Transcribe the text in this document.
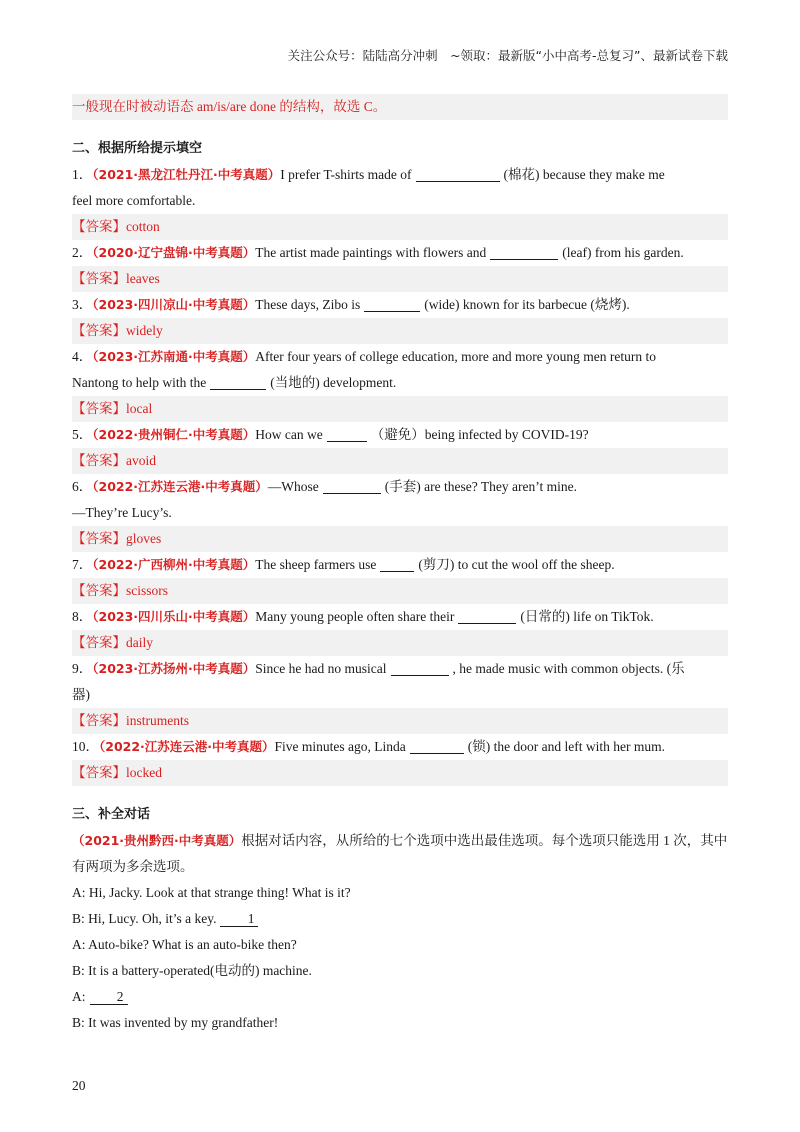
关注公众号：陆陆高分冲刺　~领取：最新版“小中高考-总复习”、最新试卷下载
一般现在时被动语态 am/is/are done 的结构，故选 C。
二、根据所给提示填空
1．（2021·黑龙江牡丹江·中考真题）I prefer T-shirts made of	(棉花) because they make me
feel more comfortable.
【答案】cotton
2．（2020·辽宁盘锦·中考真题）The artist made paintings with flowers and	(leaf) from his garden.
【答案】leaves
3．（2023·四川凉山·中考真题）These days, Zibo is	(wide) known for its barbecue (烧烤).
【答案】widely
4．（2023·江苏南通·中考真题）After four years of college education, more and more young men return to
Nantong to help with the	(当地的) development.
【答案】local
5．（2022·贵州铜仁·中考真题）How can we	（避免）being infected by COVID-19?
【答案】avoid
6．（2022·江苏连云港·中考真题）—Whose	(手套) are these? They aren’t mine.
—They’re Lucy’s.
【答案】gloves
7．（2022·广西柳州·中考真题）The sheep farmers use	(剪刀) to cut the wool off the sheep.
【答案】scissors
8．（2023·四川乐山·中考真题）Many young people often share their	(日常的) life on TikTok.
【答案】daily
9．（2023·江苏扬州·中考真题）Since he had no musical	, he made music with common objects. (乐
器)
【答案】instruments
10．（2022·江苏连云港·中考真题）Five minutes ago, Linda	(锁) the door and left with her mum.
【答案】locked
三、补全对话
（2021·贵州黔西·中考真题）根据对话内容，从所给的七个选项中选出最佳选项。每个选项只能选用 1 次，其中有两项为多余选项。
A: Hi, Jacky. Look at that strange thing! What is it?
B: Hi, Lucy. Oh, it’s a key. 1
A: Auto-bike? What is an auto-bike then?
B: It is a battery-operated(电动的) machine.
A: 2
B: It was invented by my grandfather!
20
